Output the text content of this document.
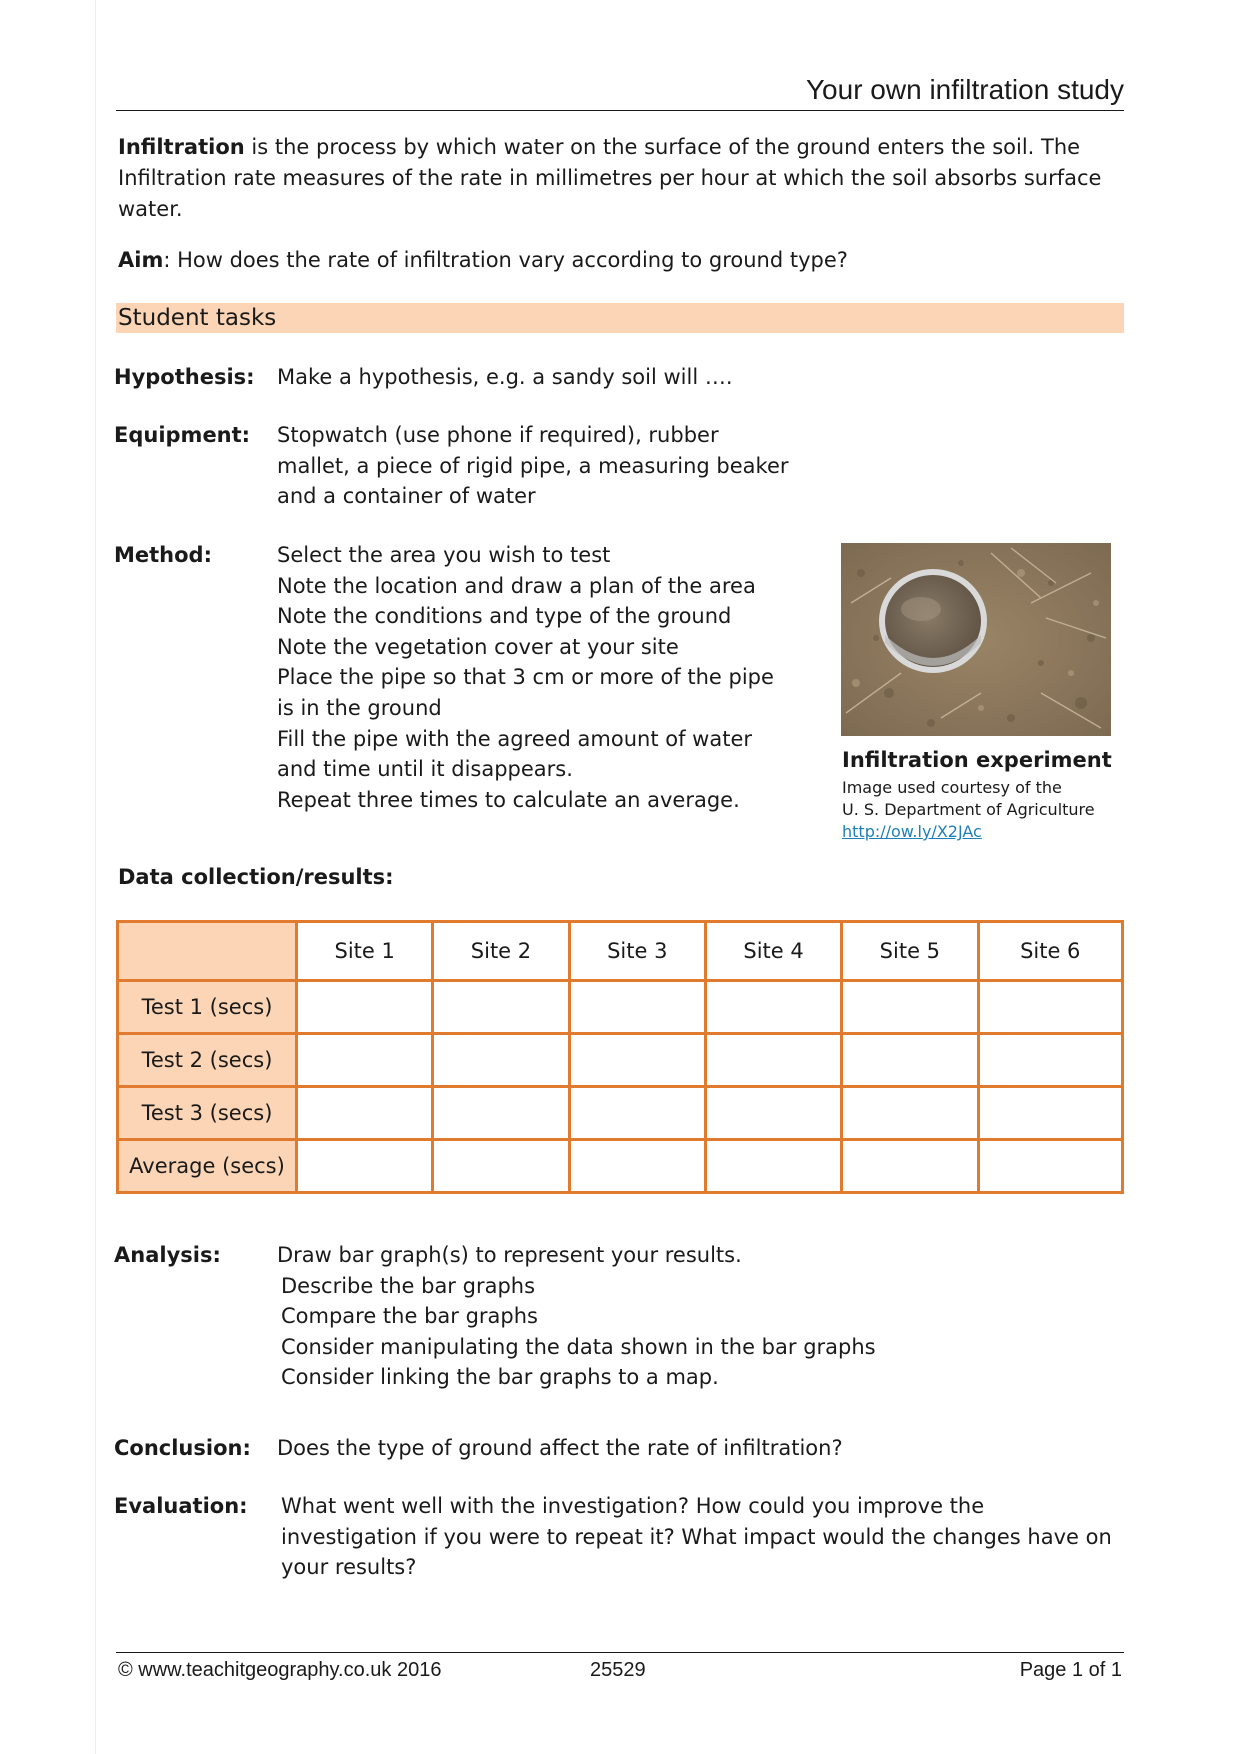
Your own infiltration study
Infiltration is the process by which water on the surface of the ground enters the soil. The Infiltration rate measures of the rate in millimetres per hour at which the soil absorbs surface water.
Aim: How does the rate of infiltration vary according to ground type?
Student tasks
Hypothesis: Make a hypothesis, e.g. a sandy soil will ….
Equipment: Stopwatch (use phone if required), rubber
mallet, a piece of rigid pipe, a measuring beaker
and a container of water
Method:	Select the area you wish to test
Note the location and draw a plan of the area
Note the conditions and type of the ground
Note the vegetation cover at your site
Place the pipe so that 3 cm or more of the pipe
is in the ground
Fill the pipe with the agreed amount of water
and time until it disappears.
Repeat three times to calculate an average.
Infiltration experiment
Image used courtesy of the
U. S. Department of Agriculture
http://ow.ly/X2JAc
Data collection/results:
	Site 1	Site 2	Site 3	Site 4	Site 5	Site 6
Test 1 (secs)						
Test 2 (secs)						
Test 3 (secs)						
Average (secs)						
Analysis:	Draw bar graph(s) to represent your results.
Describe the bar graphs
Compare the bar graphs
Consider manipulating the data shown in the bar graphs
Consider linking the bar graphs to a map.
Conclusion: Does the type of ground affect the rate of infiltration?
Evaluation: What went well with the investigation? How could you improve the
investigation if you were to repeat it? What impact would the changes have on
your results?
© www.teachitgeography.co.uk 2016	25529	Page 1 of 1
